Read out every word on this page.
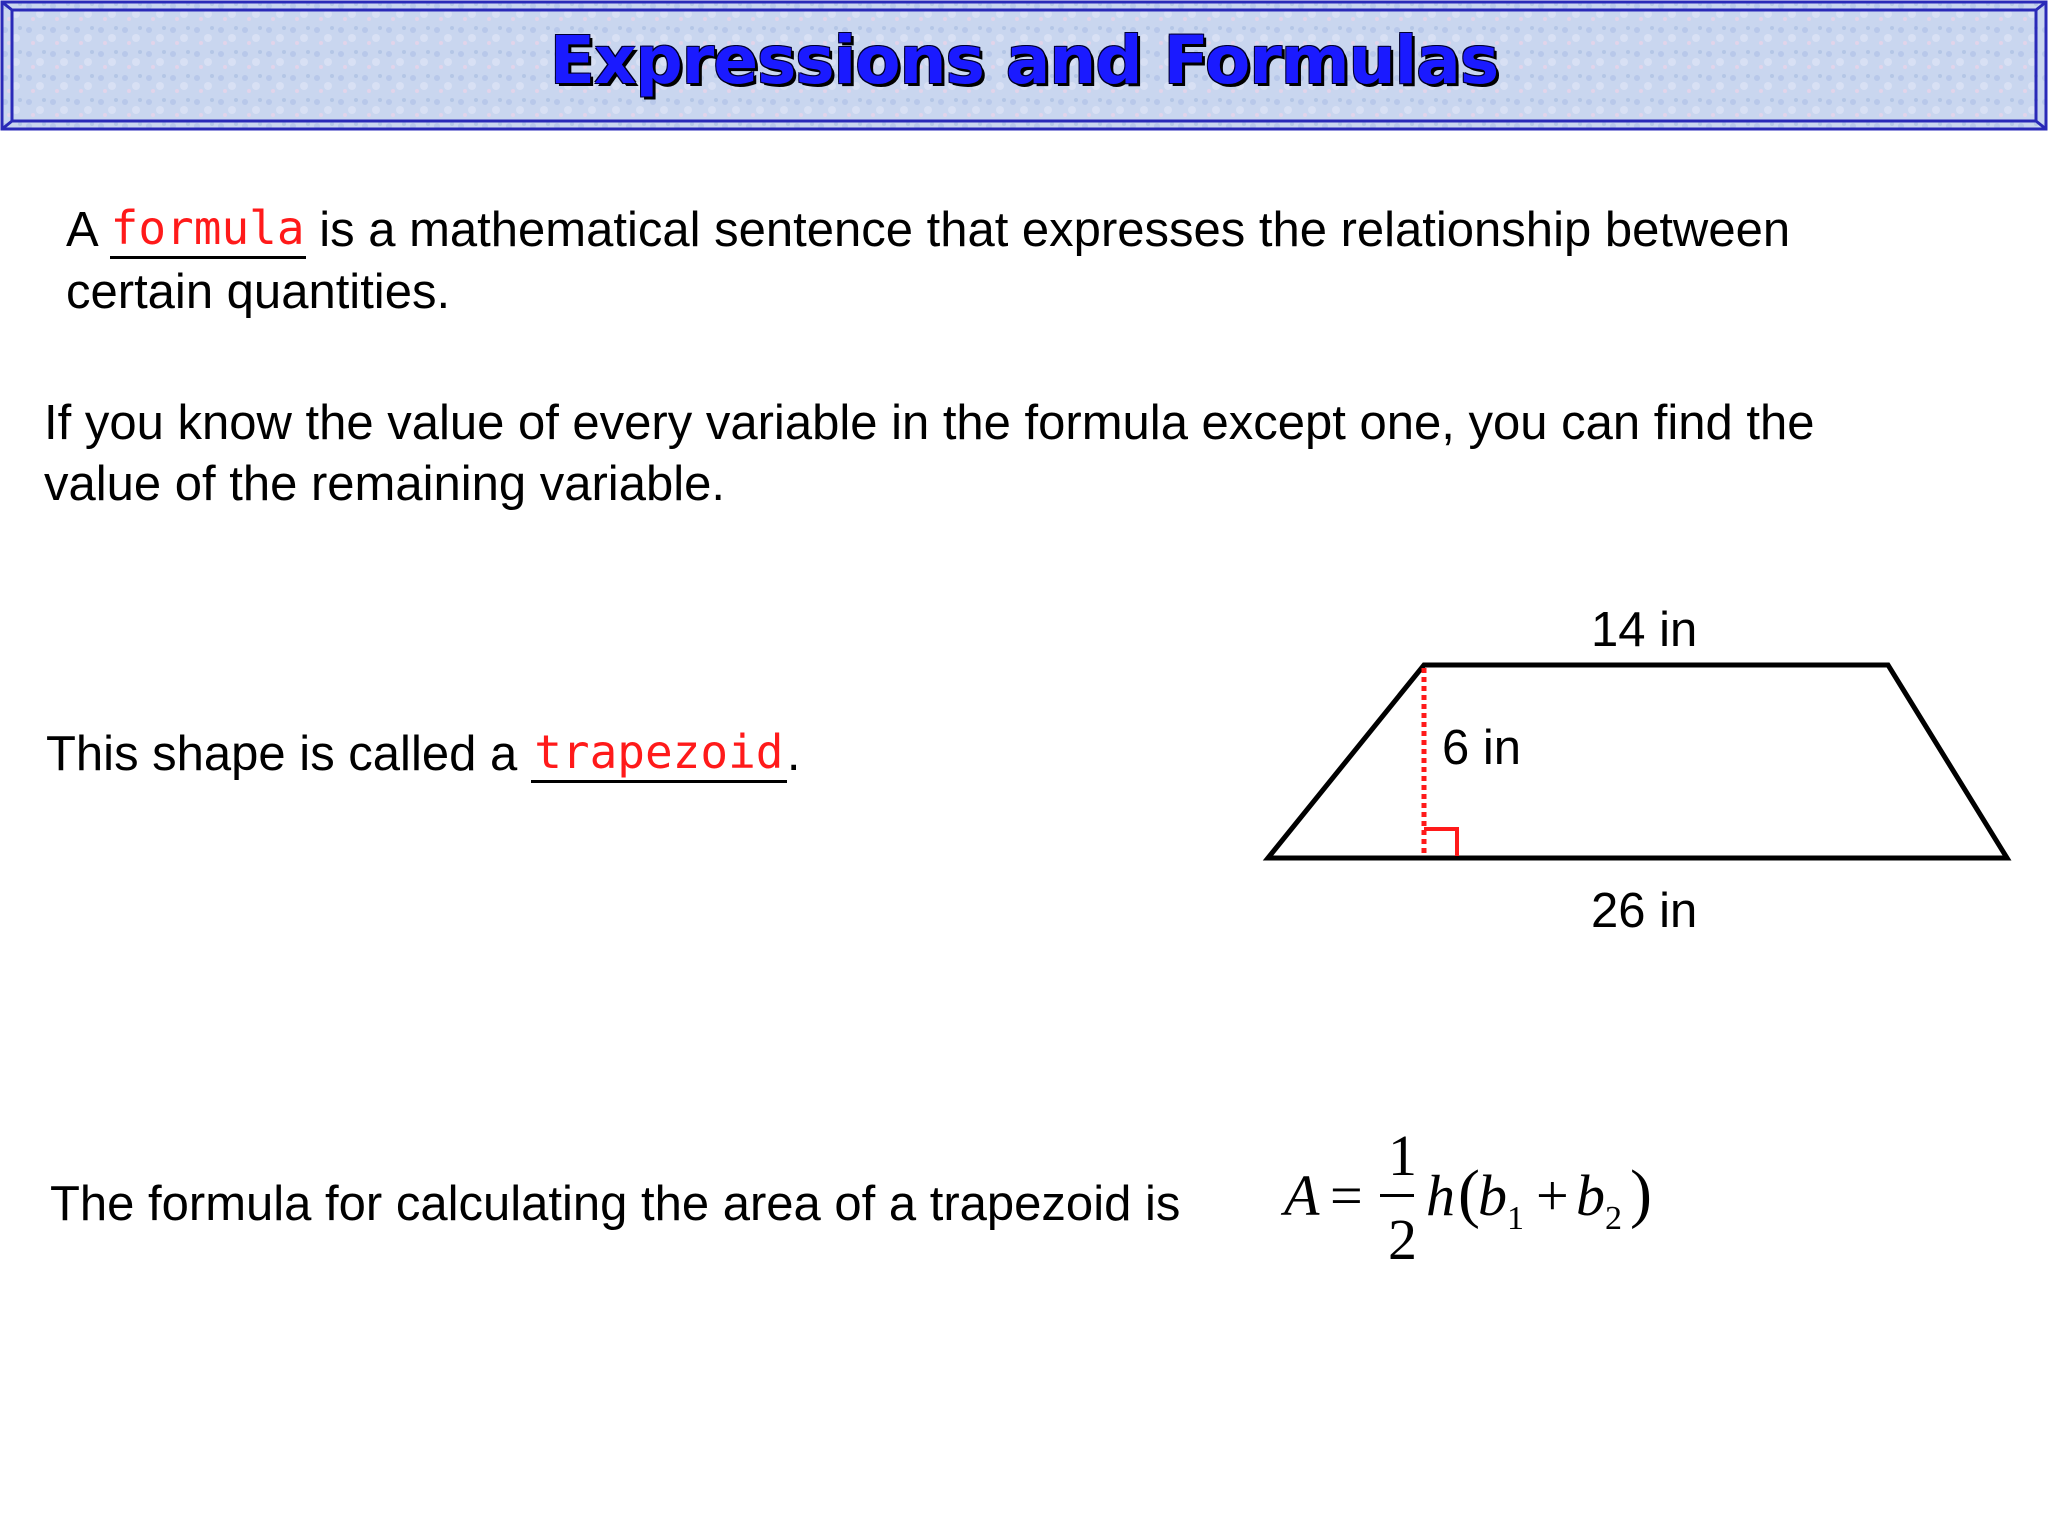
Expressions and Formulas
A formula is a mathematical sentence that expresses the relationship between
certain quantities.
If you know the value of every variable in the formula except one, you can find the
value of the remaining variable.
This shape is called a trapezoid.
14 in
6 in
26 in
The formula for calculating the area of a trapezoid is A =
1
2
h (
$b_1 + b_2$ )
